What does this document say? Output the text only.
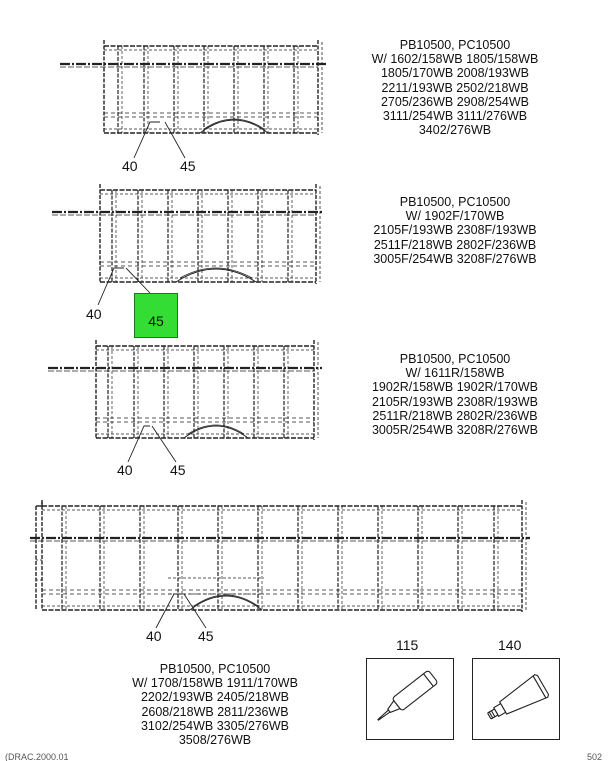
PB10500, PC10500
W/ 1602/158WB 1805/158WB
1805/170WB 2008/193WB
2211/193WB 2502/218WB
2705/236WB 2908/254WB
3111/254WB 3111/276WB
3402/276WB
40	45
PB10500, PC10500
W/ 1902F/170WB
2105F/193WB 2308F/193WB
2511F/218WB 2802F/236WB
3005F/254WB 3208F/276WB
40	45
PB10500, PC10500
W/ 1611R/158WB
1902R/158WB 1902R/170WB
2105R/193WB 2308R/193WB
2511R/218WB 2802R/236WB
3005R/254WB 3208R/276WB
40	45
40	45
PB10500, PC10500
W/ 1708/158WB 1911/170WB
2202/193WB 2405/218WB
2608/218WB 2811/236WB
3102/254WB 3305/276WB
3508/276WB
115	140
(DRAC.2000.01	502
